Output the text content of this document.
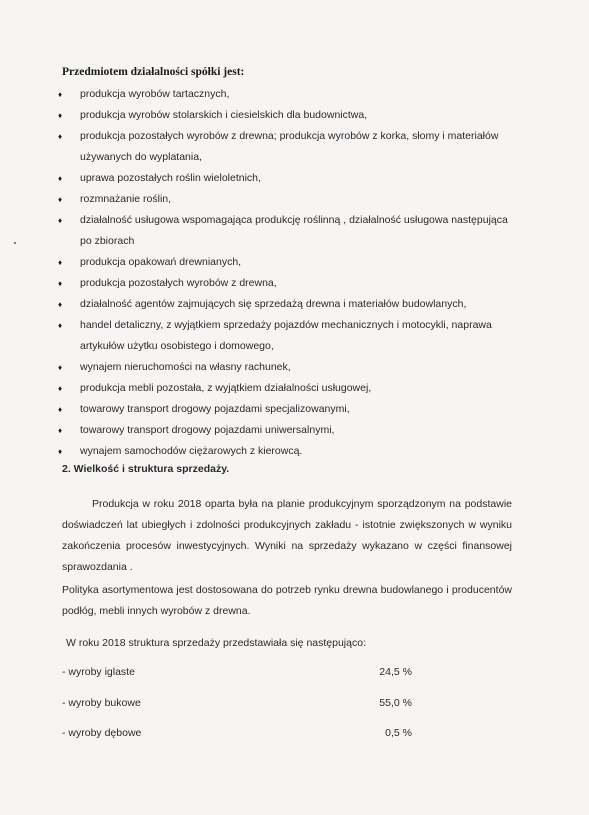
Przedmiotem działalności spółki jest:
♦ produkcja wyrobów tartacznych,
♦ produkcja wyrobów stolarskich i ciesielskich dla budownictwa,
♦ produkcja pozostałych wyrobów z drewna; produkcja wyrobów z korka, słomy i materiałów używanych do wyplatania,
♦ uprawa pozostałych roślin wieloletnich,
♦ rozmnażanie roślin,
♦ działalność usługowa wspomagająca produkcję roślinną , działalność usługowa następująca po zbiorach
♦ produkcja opakowań drewnianych,
♦ produkcja pozostałych wyrobów z drewna,
♦ działalność agentów zajmujących się sprzedażą drewna i materiałów budowlanych,
♦ handel detaliczny, z wyjątkiem sprzedaży pojazdów mechanicznych i motocykli, naprawa artykułów użytku osobistego i domowego,
♦ wynajem nieruchomości na własny rachunek,
♦ produkcja mebli pozostała, z wyjątkiem działalności usługowej,
♦ towarowy transport drogowy pojazdami specjalizowanymi,
♦ towarowy transport drogowy pojazdami uniwersalnymi,
♦ wynajem samochodów ciężarowych z kierowcą.
2. Wielkość i struktura sprzedaży.

Produkcja w roku 2018 oparta była na planie produkcyjnym sporządzonym na podstawie doświadczeń lat ubiegłych i zdolności produkcyjnych zakładu - istotnie zwiększonych w wyniku zakończenia procesów inwestycyjnych. Wyniki na sprzedaży wykazano w części finansowej sprawozdania .

Polityka asortymentowa jest dostosowana do potrzeb rynku drewna budowlanego i producentów podłóg, mebli innych wyrobów z drewna.

W roku 2018 struktura sprzedaży przedstawiała się następująco:

- wyroby iglaste	24,5 %
- wyroby bukowe	55,0 %
- wyroby dębowe	0,5 %
